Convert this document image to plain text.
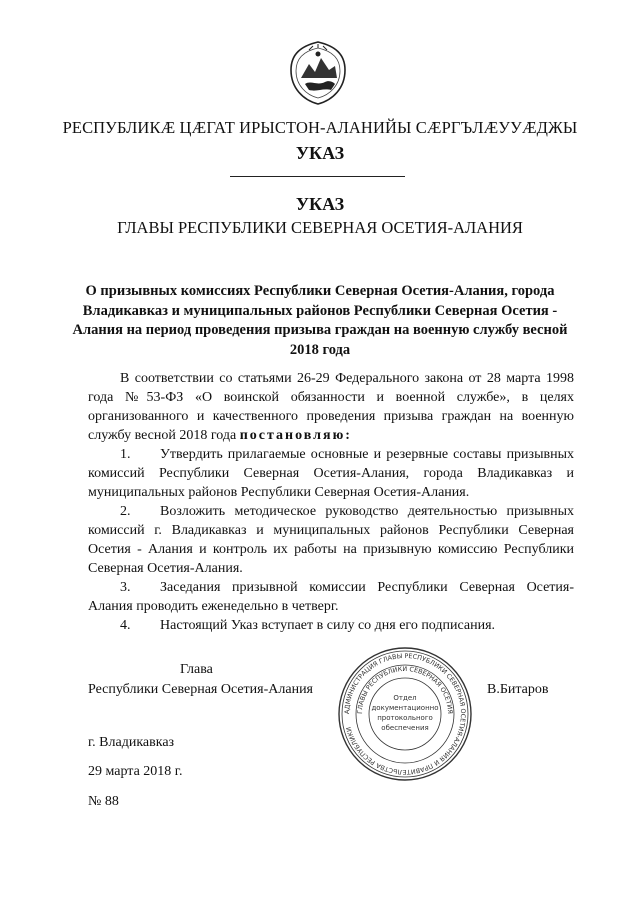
РЕСПУБЛИКӔ ЦӔГАТ ИРЫСТОН-АЛАНИЙЫ СӔРГЪЛӔУУӔДЖЫ
УКАЗ
УКАЗ
ГЛАВЫ РЕСПУБЛИКИ СЕВЕРНАЯ ОСЕТИЯ-АЛАНИЯ
О призывных комиссиях Республики Северная Осетия-Алания, города Владикавказ и муниципальных районов Республики Северная Осетия - Алания на период проведения призыва граждан на военную службу весной 2018 года

В соответствии со статьями 26-29 Федерального закона от 28 марта 1998 года №53-ФЗ «О воинской обязанности и военной службе», в целях организованного и качественного проведения призыва граждан на военную службу весной 2018 года постановляю:

1. Утвердить прилагаемые основные и резервные составы призывных комиссий Республики Северная Осетия-Алания, города Владикавказ и муниципальных районов Республики Северная Осетия-Алания.

2. Возложить методическое руководство деятельностью призывных комиссий г. Владикавказ и муниципальных районов Республики Северная Осетия - Алания и контроль их работы на призывную комиссию Республики Северная Осетия-Алания.

3. Заседания призывной комиссии Республики Северная Осетия-Алания проводить еженедельно в четверг.

4. Настоящий Указ вступает в силу со дня его подписания.

Глава
Республики Северная Осетия-Алания	В.Битаров
АДМИНИСТРАЦИЯ ГЛАВЫ РЕСПУБЛИКИ СЕВЕРНАЯ ОСЕТИЯ-АЛАНИЯ И ПРАВИТЕЛЬСТВА РЕСПУБЛИКИ
ГЛАВЫ РЕСПУБЛИКИ СЕВЕРНАЯ ОСЕТИЯ
Отдел
документационно
протокольного
обеспечения
г. Владикавказ
29 марта 2018 г.
№ 88
